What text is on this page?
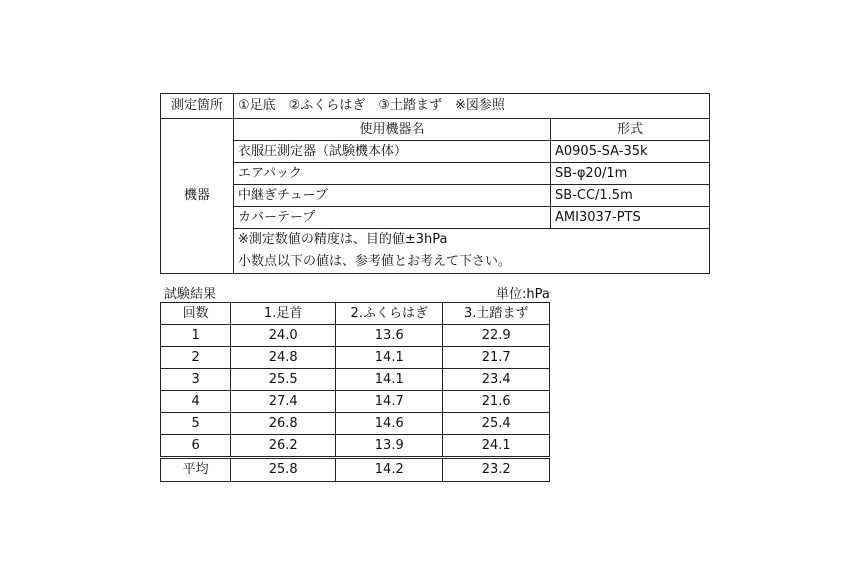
測定箇所	①足底　②ふくらはぎ　③土踏まず　※図参照	
機器	使用機器名	形式
	衣服圧測定器（試験機本体）	A0905-SA-35k
	エアパック	SB-φ20/1m
	中継ぎチューブ	SB-CC/1.5m
	カバーテープ	AMI3037-PTS
	※測定数値の精度は、目的値±3hPa	
	小数点以下の値は、参考値とお考えて下さい。	
試験結果	単位:hPa
回数	1.足首	2.ふくらはぎ	3.土踏まず
1	24.0	13.6	22.9
2	24.8	14.1	21.7
3	25.5	14.1	23.4
4	27.4	14.7	21.6
5	26.8	14.6	25.4
6	26.2	13.9	24.1
平均	25.8	14.2	23.2
